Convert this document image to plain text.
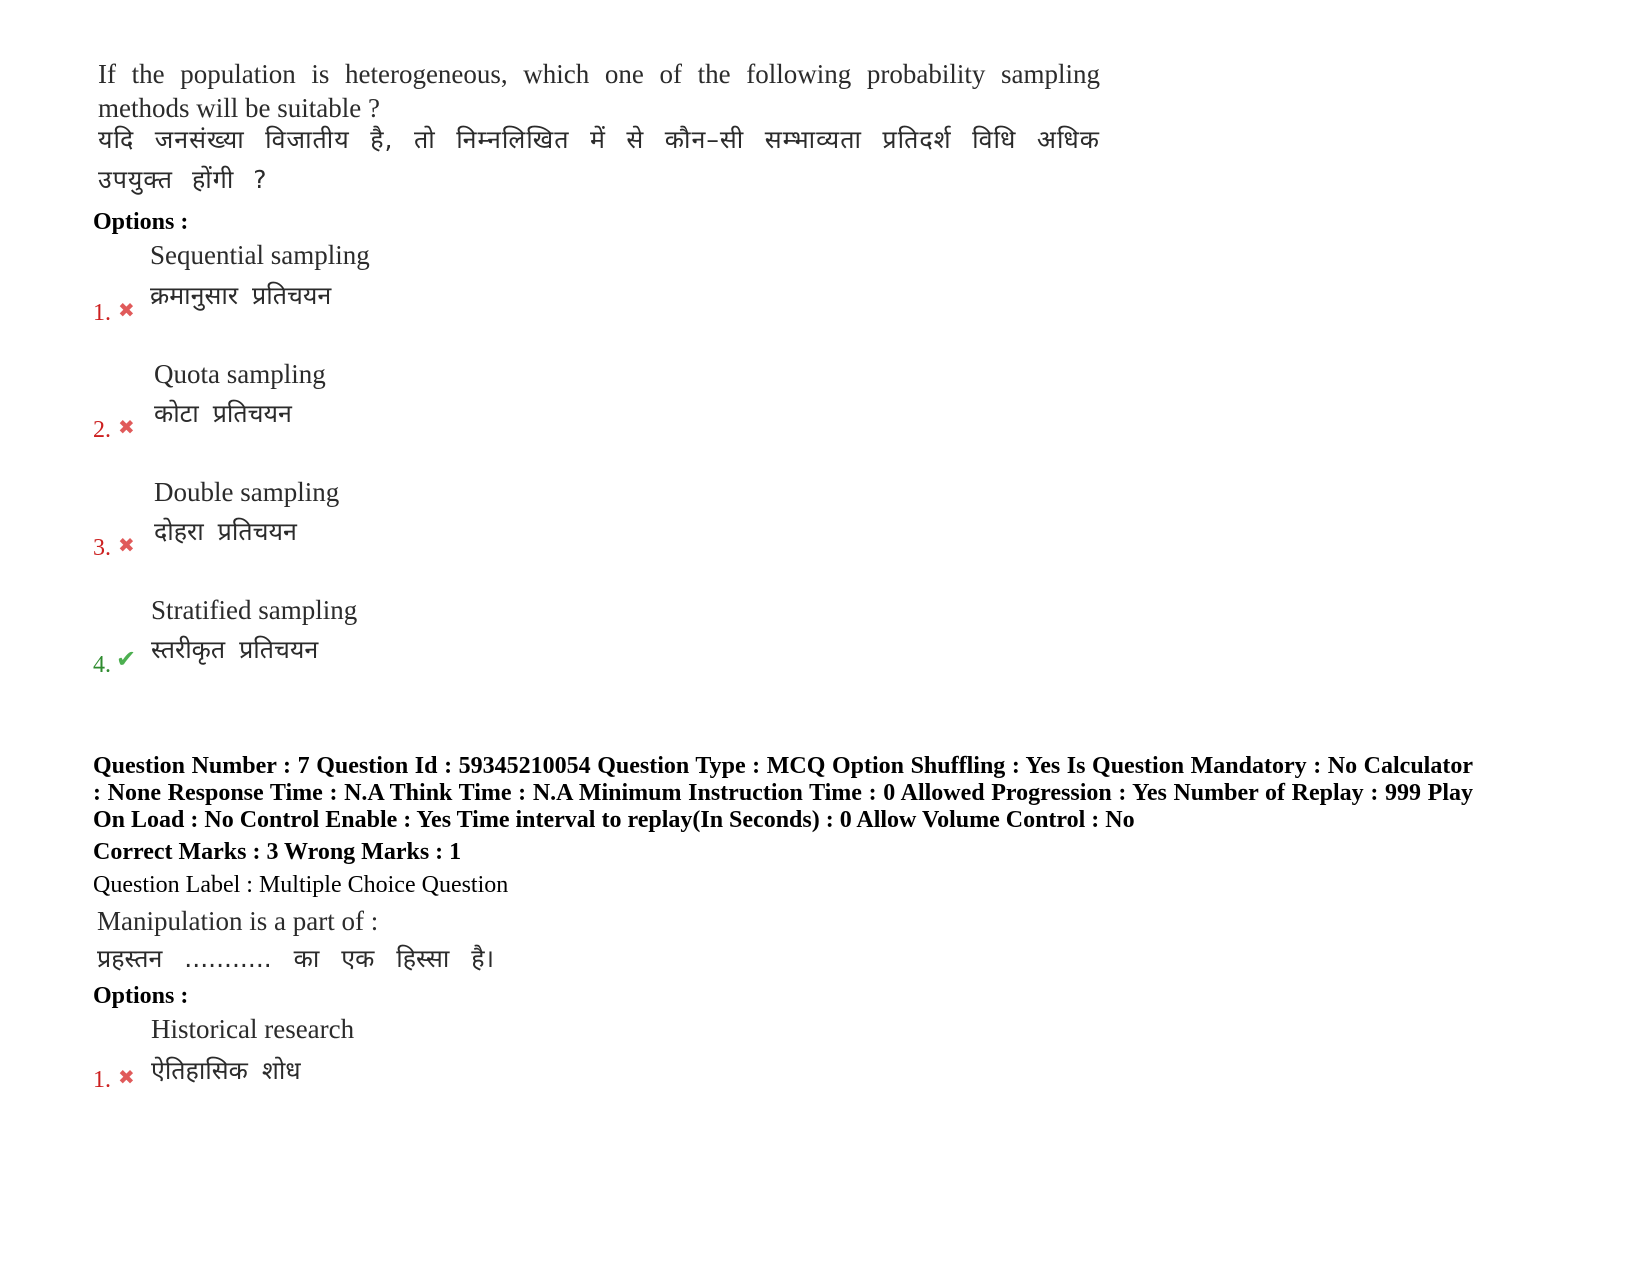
If the population is heterogeneous, which one of the following probability sampling methods will be suitable ?
यदि जनसंख्या विजातीय है, तो निम्नलिखित में से कौन–सी सम्भाव्यता प्रतिदर्श विधि अधिक उपयुक्त होंगी ?
Options :
Sequential sampling
क्रमानुसार प्रतिचयन
1. ✖
Quota sampling
कोटा प्रतिचयन
2. ✖
Double sampling
दोहरा प्रतिचयन
3. ✖
Stratified sampling
स्तरीकृत प्रतिचयन
4. ✔
Question Number : 7 Question Id : 59345210054 Question Type : MCQ Option Shuffling : Yes Is Question Mandatory : No Calculator : None Response Time : N.A Think Time : N.A Minimum Instruction Time : 0 Allowed Progression : Yes Number of Replay : 999 Play On Load : No Control Enable : Yes Time interval to replay(In Seconds) : 0 Allow Volume Control : No
Correct Marks : 3 Wrong Marks : 1
Question Label : Multiple Choice Question
Manipulation is a part of :
प्रहस्तन ........... का एक हिस्सा है।
Options :
Historical research
ऐतिहासिक शोध
1. ✖
